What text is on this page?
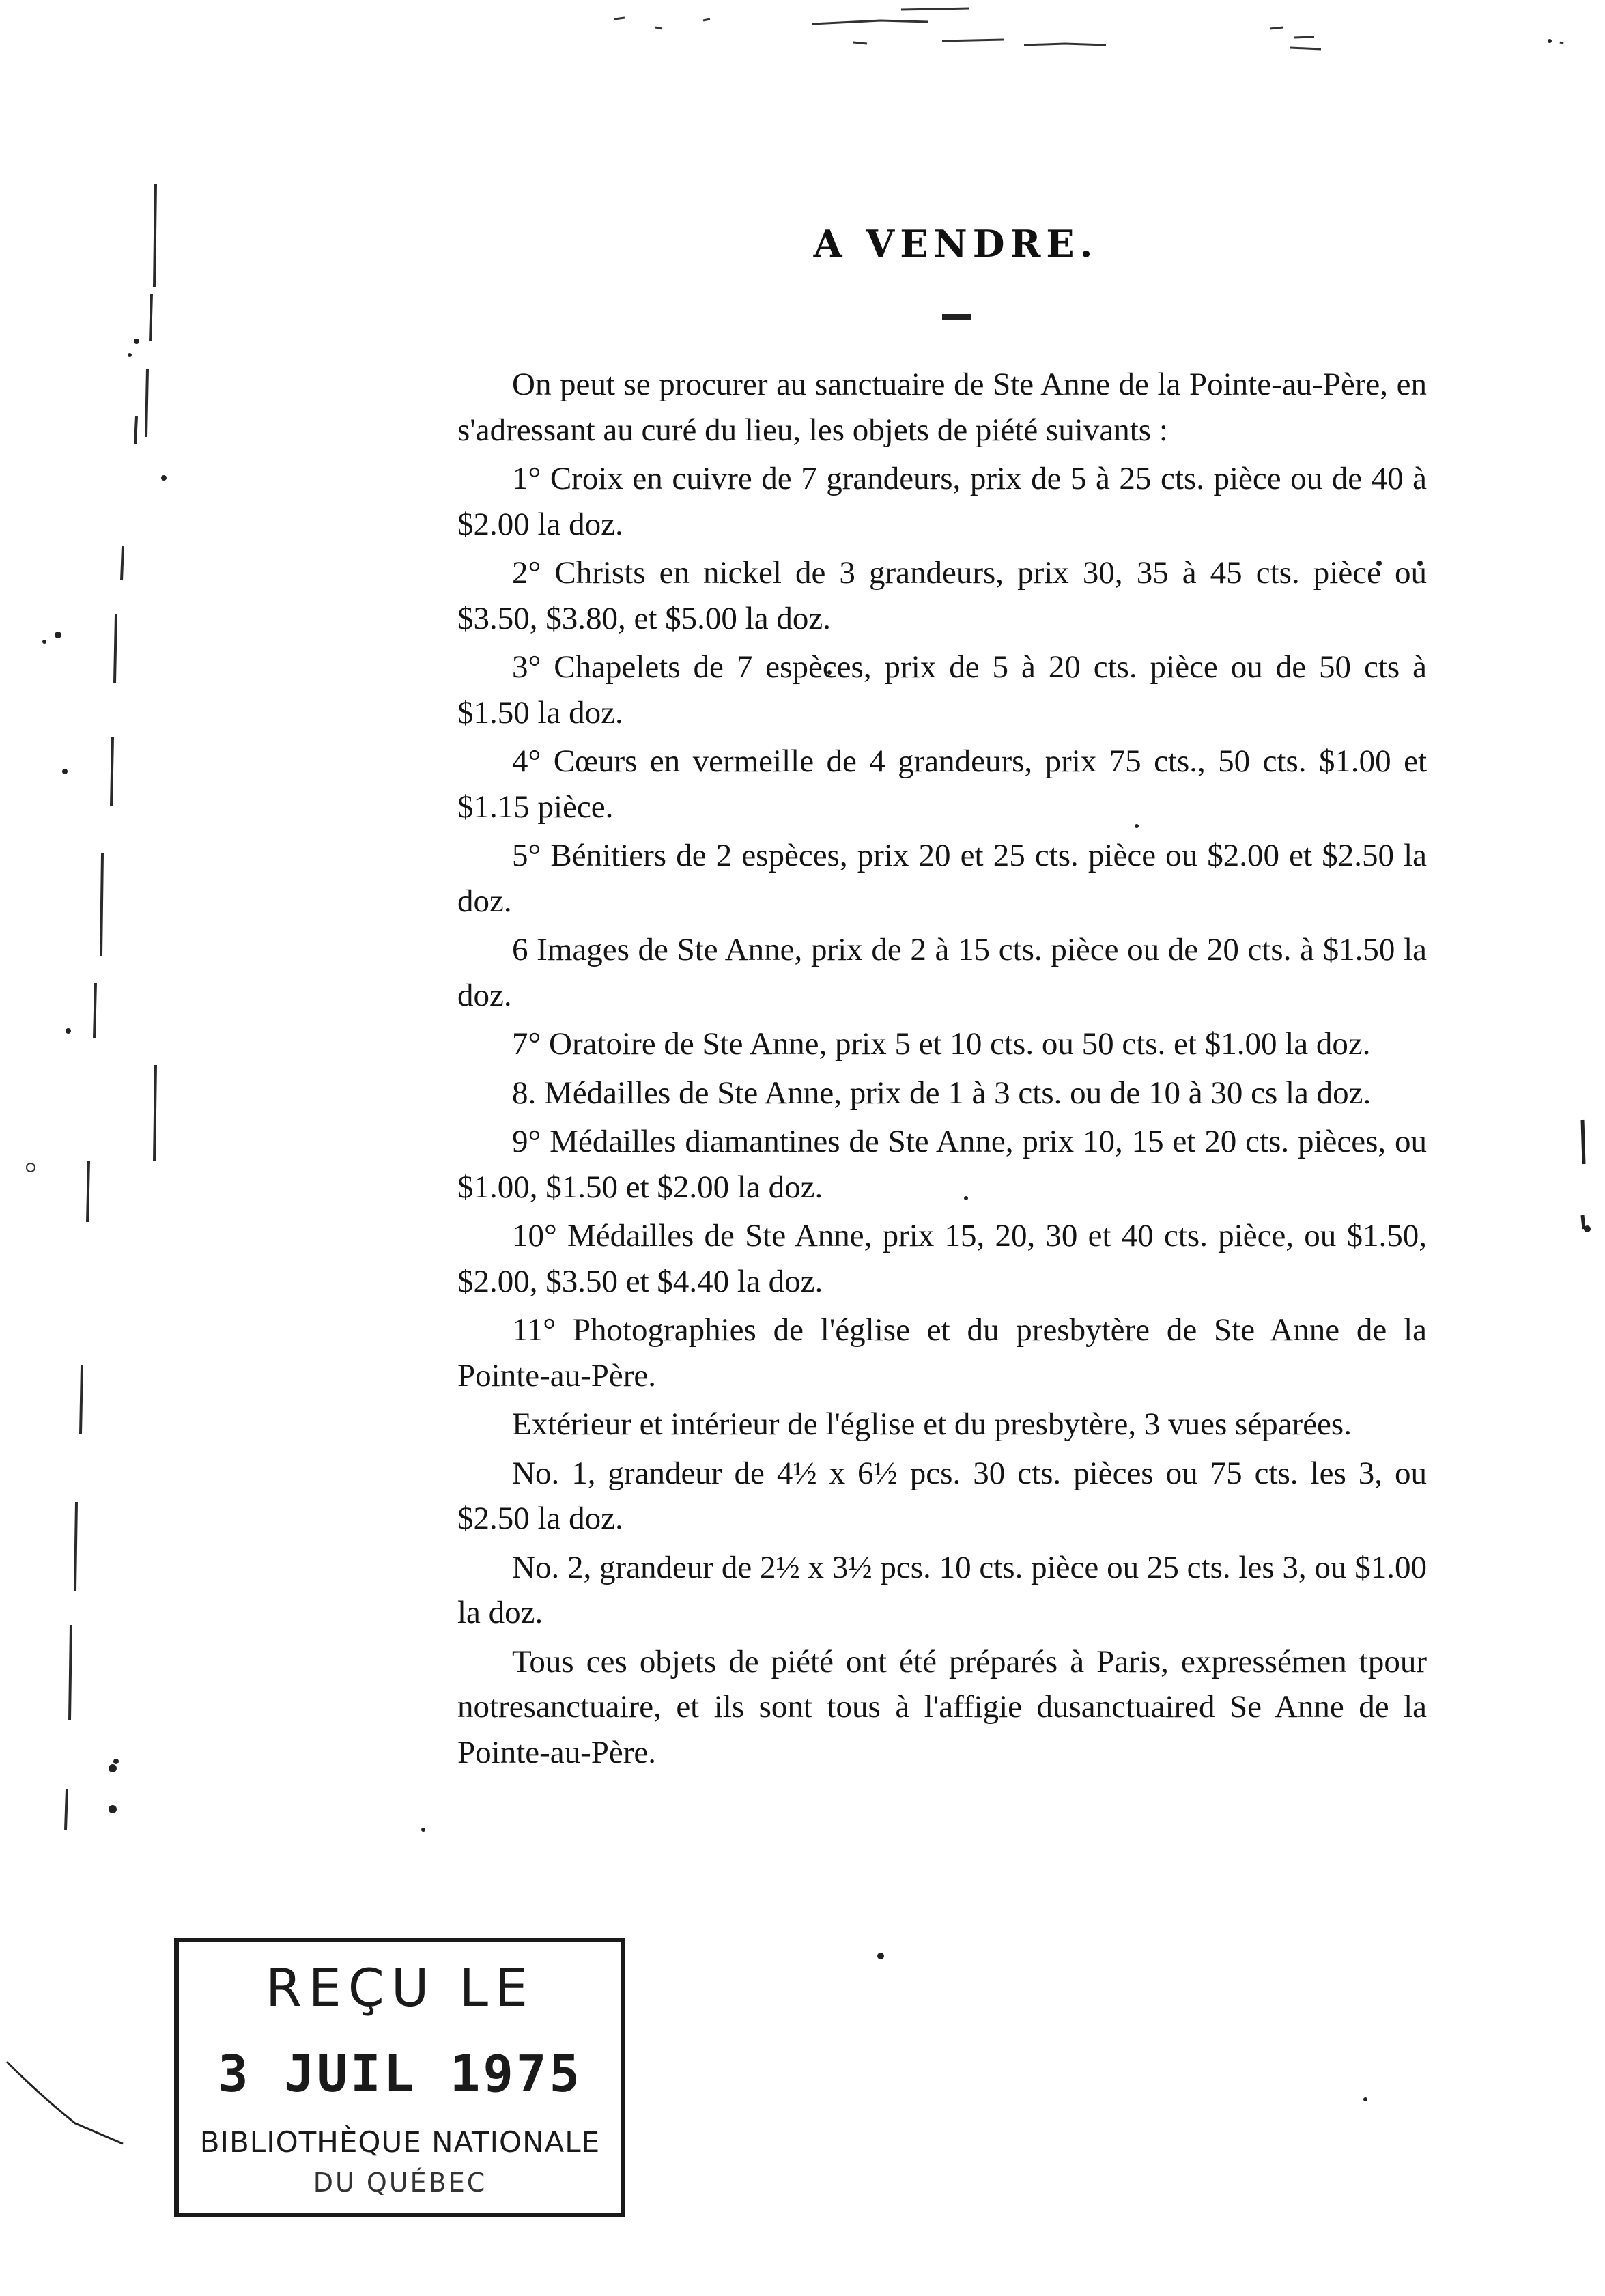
A VENDRE.

On peut se procurer au sanctuaire de Ste Anne de la Pointe-au-Père, en s'adressant au curé du lieu, les objets de piété suivants :

1° Croix en cuivre de 7 grandeurs, prix de 5 à 25 cts. pièce ou de 40 à $2.00 la doz.

2° Christs en nickel de 3 grandeurs, prix 30, 35 à 45 cts. pièce ou $3.50, $3.80, et $5.00 la doz.

3° Chapelets de 7 espèces, prix de 5 à 20 cts. pièce ou de 50 cts à $1.50 la doz.

4° Cœurs en vermeille de 4 grandeurs, prix 75 cts., 50 cts. $1.00 et $1.15 pièce.

5° Bénitiers de 2 espèces, prix 20 et 25 cts. pièce ou $2.00 et $2.50 la doz.

6 Images de Ste Anne, prix de 2 à 15 cts. pièce ou de 20 cts. à $1.50 la doz.

7° Oratoire de Ste Anne, prix 5 et 10 cts. ou 50 cts. et $1.00 la doz.

8. Médailles de Ste Anne, prix de 1 à 3 cts. ou de 10 à 30 cs la doz.

9° Médailles diamantines de Ste Anne, prix 10, 15 et 20 cts. pièces, ou $1.00, $1.50 et $2.00 la doz.

10° Médailles de Ste Anne, prix 15, 20, 30 et 40 cts. pièce, ou $1.50, $2.00, $3.50 et $4.40 la doz.

11° Photographies de l'église et du presbytère de Ste Anne de la Pointe-au-Père.

Extérieur et intérieur de l'église et du presbytère, 3 vues séparées.

No. 1, grandeur de 4½ x 6½ pcs. 30 cts. pièces ou 75 cts. les 3, ou $2.50 la doz.

No. 2, grandeur de 2½ x 3½ pcs. 10 cts. pièce ou 25 cts. les 3, ou $1.00 la doz.

Tous ces objets de piété ont été préparés à Paris, expressémen tpour notresanctuaire, et ils sont tous à l'affigie dusanctuaired Se Anne de la Pointe-au-Père.

REÇU LE
3 JUIL 1975
BIBLIOTHÈQUE NATIONALE
DU QUÉBEC
